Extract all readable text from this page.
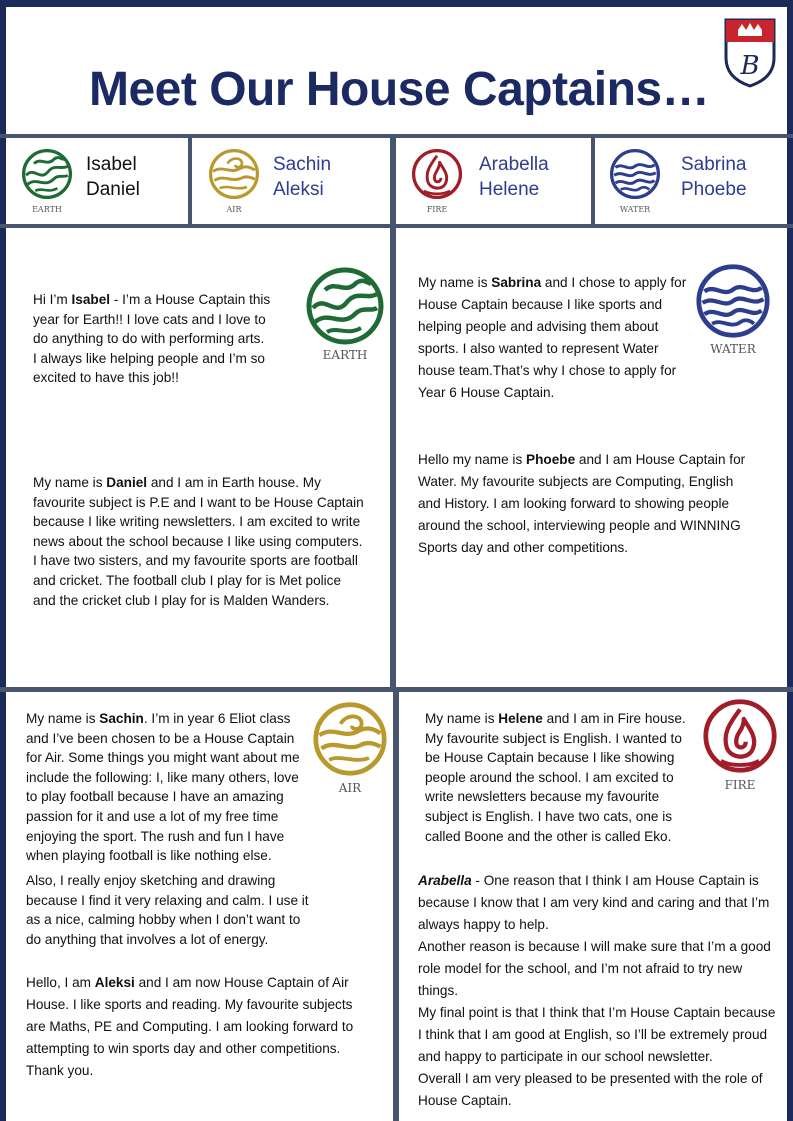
B
Meet Our House Captains…
EARTH
Isabel
Daniel
AIR
Sachin
Aleksi
FIRE
Arabella
Helene
WATER
Sabrina
Phoebe
EARTH	WATER
AIR	FIRE

Hi I’m Isabel - I’m a House Captain this year for Earth!! I love cats and I love to do anything to do with performing arts. I always like helping people and I’m so excited to have this job!!

My name is Daniel and I am in Earth house. My favourite subject is P.E and I want to be House Captain because I like writing newsletters. I am excited to write news about the school because I like using computers. I have two sisters, and my favourite sports are football and cricket. The football club I play for is Met police and the cricket club I play for is Malden Wanders.

My name is Sabrina and I chose to apply for House Captain because I like sports and helping people and advising them about sports. I also wanted to represent Water house team.That’s why I chose to apply for Year 6 House Captain.

Hello my name is Phoebe and I am House Captain for Water. My favourite subjects are Computing, English and History. I am looking forward to showing people around the school, interviewing people and WINNING Sports day and other competitions.

My name is Sachin. I’m in year 6 Eliot class and I’ve been chosen to be a House Captain for Air. Some things you might want about me include the following: I, like many others, love to play football because I have an amazing passion for it and use a lot of my free time enjoying the sport. The rush and fun I have when playing football is like nothing else.

Also, I really enjoy sketching and drawing because I find it very relaxing and calm. I use it as a nice, calming hobby when I don’t want to do anything that involves a lot of energy.

Hello, I am Aleksi and I am now House Captain of Air House. I like sports and reading. My favourite subjects are Maths, PE and Computing. I am looking forward to attempting to win sports day and other competitions. Thank you.

My name is Helene and I am in Fire house. My favourite subject is English. I wanted to be House Captain because I like showing people around the school. I am excited to write newsletters because my favourite subject is English. I have two cats, one is called Boone and the other is called Eko.

Arabella - One reason that I think I am House Captain is because I know that I am very kind and caring and that I’m always happy to help.
Another reason is because I will make sure that I’m a good role model for the school, and I’m not afraid to try new things.
My final point is that I think that I’m House Captain because I think that I am good at English, so I’ll be extremely proud and happy to participate in our school newsletter.
Overall I am very pleased to be presented with the role of House Captain.
